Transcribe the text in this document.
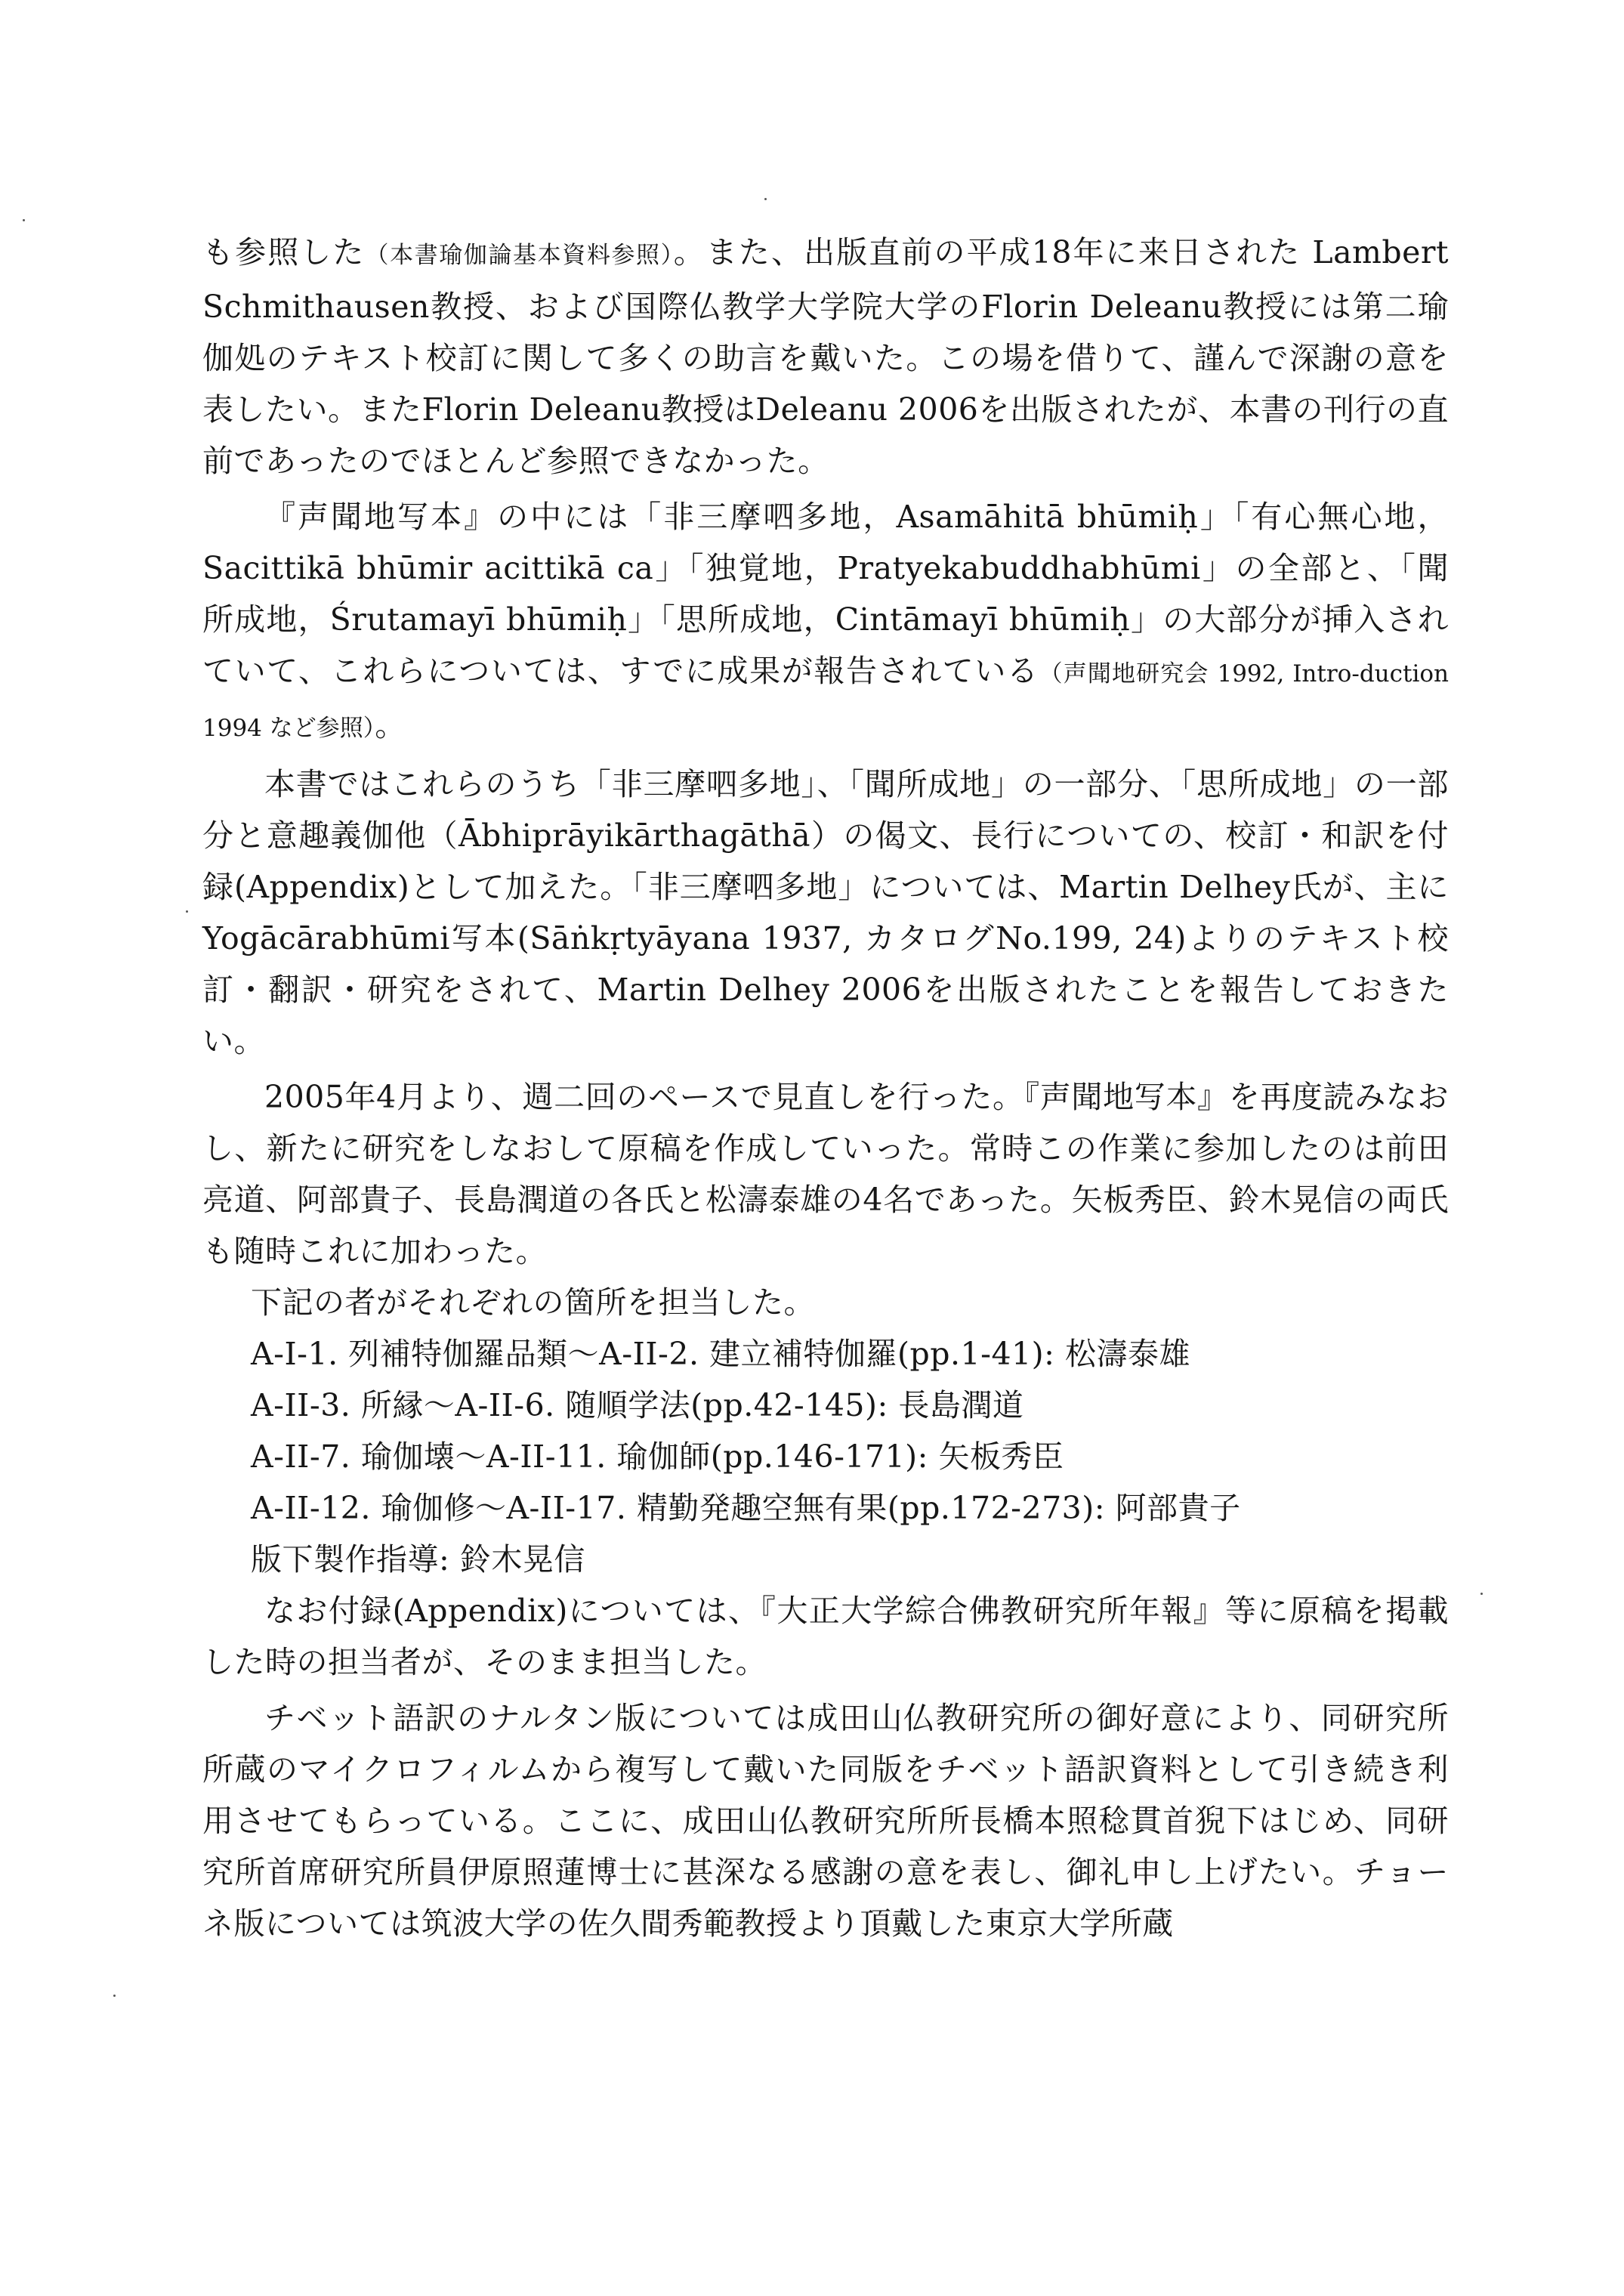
も参照した（本書瑜伽論基本資料参照）。また、出版直前の平成18年に来日された Lambert Schmithausen教授、および国際仏教学大学院大学のFlorin Deleanu教授には第二瑜伽処のテキスト校訂に関して多くの助言を戴いた。この場を借りて、謹んで深謝の意を表したい。またFlorin Deleanu教授はDeleanu 2006を出版されたが、本書の刊行の直前であったのでほとんど参照できなかった。

『声聞地写本』の中には「非三摩呬多地，Asamāhitā bhūmiḥ」「有心無心地，Sacittikā bhūmir acittikā ca」「独覚地，Pratyekabuddhabhūmi」の全部と、「聞所成地，Śrutamayī bhūmiḥ」「思所成地，Cintāmayī bhūmiḥ」の大部分が挿入されていて、これらについては、すでに成果が報告されている（声聞地研究会 1992, Intro-duction 1994 など参照）。

本書ではこれらのうち「非三摩呬多地」、「聞所成地」の一部分、「思所成地」の一部分と意趣義伽他（Ābhiprāyikārthagāthā）の偈文、長行についての、校訂・和訳を付録(Appendix)として加えた。「非三摩呬多地」については、Martin Delhey氏が、主にYogācārabhūmi写本(Sāṅkṛtyāyana 1937, カタログNo.199, 24)よりのテキスト校訂・翻訳・研究をされて、Martin Delhey 2006を出版されたことを報告しておきたい。

2005年4月より、週二回のペースで見直しを行った。『声聞地写本』を再度読みなおし、新たに研究をしなおして原稿を作成していった。常時この作業に参加したのは前田亮道、阿部貴子、長島潤道の各氏と松濤泰雄の4名であった。矢板秀臣、鈴木晃信の両氏も随時これに加わった。

下記の者がそれぞれの箇所を担当した。

A-I-1. 列補特伽羅品類～A-II-2. 建立補特伽羅(pp.1-41): 松濤泰雄

A-II-3. 所縁～A-II-6. 随順学法(pp.42-145): 長島潤道

A-II-7. 瑜伽壊～A-II-11. 瑜伽師(pp.146-171): 矢板秀臣

A-II-12. 瑜伽修～A-II-17. 精勤発趣空無有果(pp.172-273): 阿部貴子

版下製作指導: 鈴木晃信

なお付録(Appendix)については、『大正大学綜合佛教研究所年報』等に原稿を掲載した時の担当者が、そのまま担当した。

チベット語訳のナルタン版については成田山仏教研究所の御好意により、同研究所所蔵のマイクロフィルムから複写して戴いた同版をチベット語訳資料として引き続き利用させてもらっている。ここに、成田山仏教研究所所長橋本照稔貫首猊下はじめ、同研究所首席研究所員伊原照蓮博士に甚深なる感謝の意を表し、御礼申し上げたい。チョーネ版については筑波大学の佐久間秀範教授より頂戴した東京大学所蔵
